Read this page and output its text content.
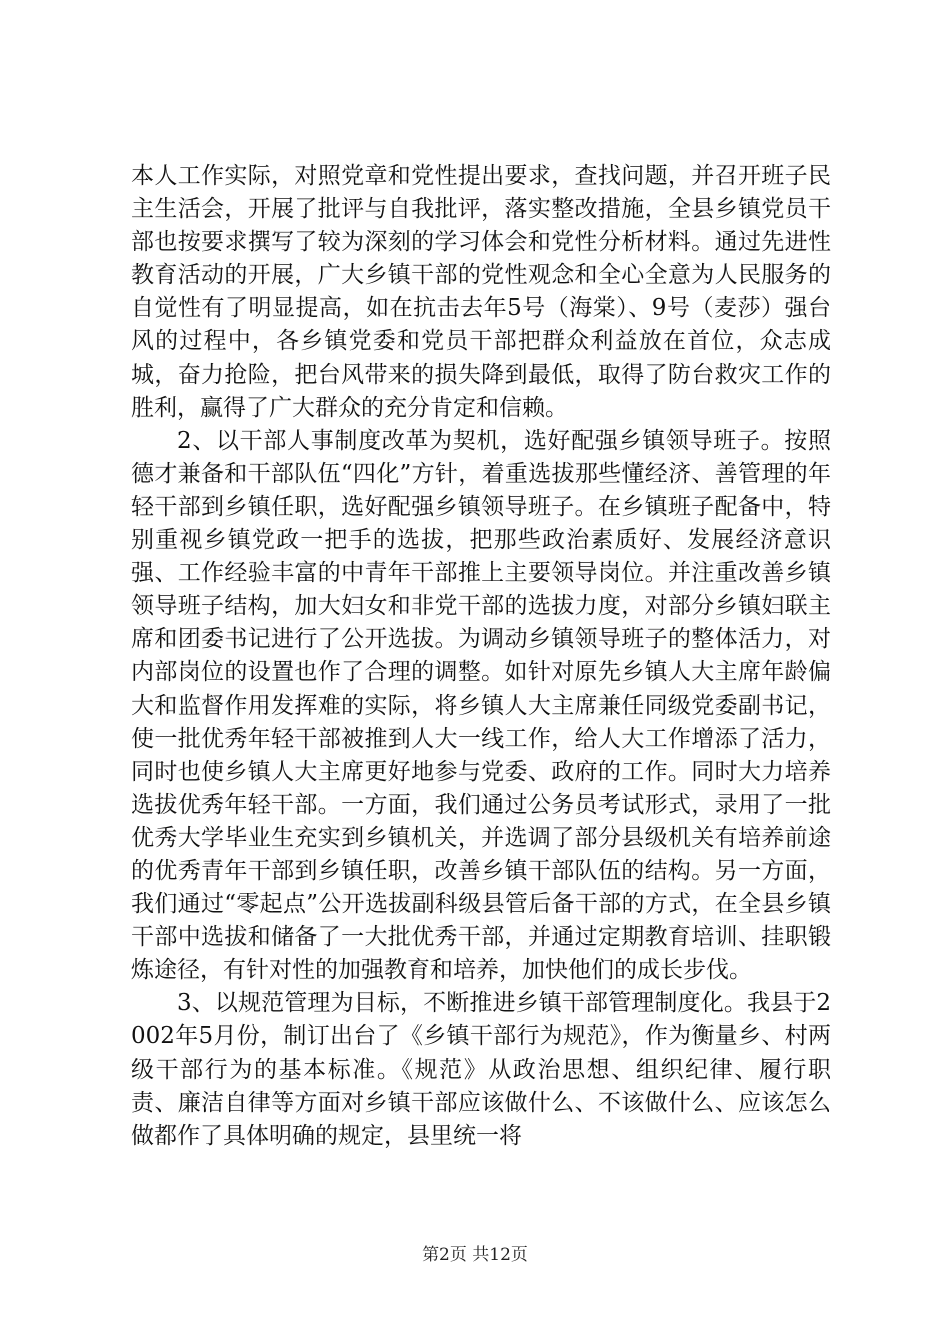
本人工作实际，对照党章和党性提出要求，查找问题，并召开班子民主生活会，开展了批评与自我批评，落实整改措施，全县乡镇党员干部也按要求撰写了较为深刻的学习体会和党性分析材料。通过先进性教育活动的开展，广大乡镇干部的党性观念和全心全意为人民服务的自觉性有了明显提高，如在抗击去年5号（海棠）、9号（麦莎）强台风的过程中，各乡镇党委和党员干部把群众利益放在首位，众志成城，奋力抢险，把台风带来的损失降到最低，取得了防台救灾工作的胜利，赢得了广大群众的充分肯定和信赖。

2、以干部人事制度改革为契机，选好配强乡镇领导班子。按照德才兼备和干部队伍“四化”方针，着重选拔那些懂经济、善管理的年轻干部到乡镇任职，选好配强乡镇领导班子。在乡镇班子配备中，特别重视乡镇党政一把手的选拔，把那些政治素质好、发展经济意识强、工作经验丰富的中青年干部推上主要领导岗位。并注重改善乡镇领导班子结构，加大妇女和非党干部的选拔力度，对部分乡镇妇联主席和团委书记进行了公开选拔。为调动乡镇领导班子的整体活力，对内部岗位的设置也作了合理的调整。如针对原先乡镇人大主席年龄偏大和监督作用发挥难的实际，将乡镇人大主席兼任同级党委副书记，使一批优秀年轻干部被推到人大一线工作，给人大工作增添了活力，同时也使乡镇人大主席更好地参与党委、政府的工作。同时大力培养选拔优秀年轻干部。一方面，我们通过公务员考试形式，录用了一批优秀大学毕业生充实到乡镇机关，并选调了部分县级机关有培养前途的优秀青年干部到乡镇任职，改善乡镇干部队伍的结构。另一方面，我们通过“零起点”公开选拔副科级县管后备干部的方式，在全县乡镇干部中选拔和储备了一大批优秀干部，并通过定期教育培训、挂职锻炼途径，有针对性的加强教育和培养，加快他们的成长步伐。

3、以规范管理为目标，不断推进乡镇干部管理制度化。我县于2002年5月份，制订出台了《乡镇干部行为规范》，作为衡量乡、村两级干部行为的基本标准。《规范》从政治思想、组织纪律、履行职责、廉洁自律等方面对乡镇干部应该做什么、不该做什么、应该怎么做都作了具体明确的规定，县里统一将

第2页 共12页
